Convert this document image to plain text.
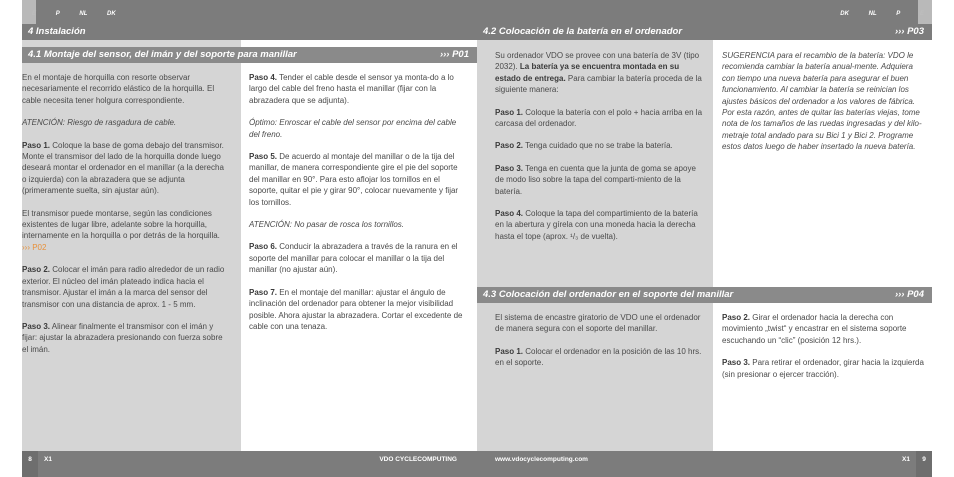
E	P	NL	DK	DK	NL	P	E
4 Instalación
4.1 Montaje del sensor, del imán y del soporte para manillar	››› P01
4.2 Colocación de la batería en el ordenador	››› P03
4.3 Colocación del ordenador en el soporte del manillar	››› P04

En el montaje de horquilla con resorte observar necesariamente el recorrido elástico de la horquilla. El cable necesita tener holgura correspondiente.

ATENCIÓN: Riesgo de rasgadura de cable.

Paso 1. Coloque la base de goma debajo del transmisor. Monte el transmisor del lado de la horquilla donde luego deseará montar el ordenador en el manillar (a la derecha o izquierda) con la abrazadera que se adjunta (primeramente suelta, sin ajustar aún).

El transmisor puede montarse, según las condiciones existentes de lugar libre, adelante sobre la horquilla, internamente en la horquilla o por detrás de la horquilla. ››› P02

Paso 2. Colocar el imán para radio alrededor de un radio exterior. El núcleo del imán plateado indica hacia el transmisor. Ajustar el imán a la marca del sensor del transmisor con una distancia de aprox. 1 - 5 mm.

Paso 3. Alinear finalmente el transmisor con el imán y fijar: ajustar la abrazadera presionando con fuerza sobre el imán.

Paso 4. Tender el cable desde el sensor ya monta-do a lo largo del cable del freno hasta el manillar (fijar con la abrazadera que se adjunta).

Óptimo: Enroscar el cable del sensor por encima del cable del freno.

Paso 5. De acuerdo al montaje del manillar o de la tija del manillar, de manera correspondiente gire el pie del soporte del manillar en 90°. Para esto aflojar los tornillos en el soporte, quitar el pie y girar 90°, colocar nuevamente y fijar los tornillos.

ATENCIÓN: No pasar de rosca los tornillos.

Paso 6. Conducir la abrazadera a través de la ranura en el soporte del manillar para colocar el manillar o la tija del manillar (no ajustar aún).

Paso 7. En el montaje del manillar: ajustar el ángulo de inclinación del ordenador para obtener la mejor visibilidad posible. Ahora ajustar la abrazadera. Cortar el excedente de cable con una tenaza.

Su ordenador VDO se provee con una batería de 3V (tipo 2032). La batería ya se encuentra montada en su estado de entrega. Para cambiar la batería proceda de la siguiente manera:

Paso 1. Coloque la batería con el polo + hacia arriba en la carcasa del ordenador.

Paso 2. Tenga cuidado que no se trabe la batería.

Paso 3. Tenga en cuenta que la junta de goma se apoye de modo liso sobre la tapa del comparti-miento de la batería.

Paso 4. Coloque la tapa del compartimiento de la batería en la abertura y gírela con una moneda hacia la derecha hasta el tope (aprox. ¹/₃ de vuelta).

SUGERENCIA para el recambio de la batería: VDO le recomienda cambiar la batería anual-mente. Adquiera con tiempo una nueva batería para asegurar el buen funcionamiento. Al cambiar la batería se reinician los ajustes básicos del ordenador a los valores de fábrica. Por esta razón, antes de quitar las baterías viejas, tome nota de los tamaños de las ruedas ingresadas y del kilo-metraje total andado para su Bici 1 y Bici 2. Programe estos datos luego de haber insertado la nueva batería.

El sistema de encastre giratorio de VDO une el ordenador de manera segura con el soporte del manillar.

Paso 1. Colocar el ordenador en la posición de las 10 hrs. en el soporte.

Paso 2. Girar el ordenador hacia la derecha con movimiento „twist“ y encastrar en el sistema soporte escuchando un “clic” (posición 12 hrs.).

Paso 3. Para retirar el ordenador, girar hacia la izquierda (sin presionar o ejercer tracción).

8	X1	VDO CYCLECOMPUTING	www.vdocyclecomputing.com	X1	9
